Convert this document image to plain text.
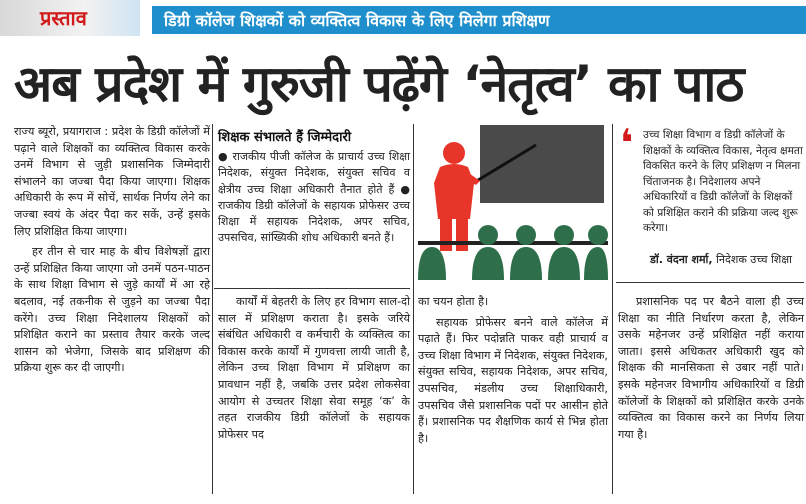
प्रस्ताव	डिग्री कॉलेज शिक्षकों को व्यक्तित्व विकास के लिए मिलेगा प्रशिक्षण
अब प्रदेश में गुरुजी पढ़ेंगे ‘नेतृत्व’ का पाठ

राज्य ब्यूरो, प्रयागराज : प्रदेश के डिग्री कॉलेजों में पढ़ाने वाले शिक्षकों का व्यक्तित्व विकास करके उनमें विभाग से जुड़ी प्रशासनिक जिम्मेदारी संभालने का जज्बा पैदा किया जाएगा। शिक्षक अधिकारी के रूप में सोचें, सार्थक निर्णय लेने का जज्बा स्वयं के अंदर पैदा कर सकें, उन्हें इसके लिए प्रशिक्षित किया जाएगा।

हर तीन से चार माह के बीच विशेषज्ञों द्वारा उन्हें प्रशिक्षित किया जाएगा जो उनमें पठन-पाठन के साथ शिक्षा विभाग से जुड़े कार्यों में आ रहे बदलाव, नई तकनीक से जुड़ने का जज्बा पैदा करेंगे। उच्च शिक्षा निदेशालय शिक्षकों को प्रशिक्षित कराने का प्रस्ताव तैयार करके जल्द शासन को भेजेगा, जिसके बाद प्रशिक्षण की प्रक्रिया शुरू कर दी जाएगी।

शिक्षक संभालते हैं जिम्मेदारी
● राजकीय पीजी कॉलेज के प्राचार्य उच्च शिक्षा निदेशक, संयुक्त निदेशक, संयुक्त सचिव व क्षेत्रीय उच्च शिक्षा अधिकारी तैनात होते हैं ● राजकीय डिग्री कॉलेजों के सहायक प्रोफेसर उच्च शिक्षा में सहायक निदेशक, अपर सचिव, उपसचिव, सांख्यिकी शोध अधिकारी बनते हैं।
कार्यों में बेहतरी के लिए हर विभाग साल-दो साल में प्रशिक्षण कराता है। इसके जरिये संबंधित अधिकारी व कर्मचारी के व्यक्तित्व का विकास करके कार्यों में गुणवत्ता लायी जाती है, लेकिन उच्च शिक्षा विभाग में प्रशिक्षण का प्रावधान नहीं है, जबकि उत्तर प्रदेश लोकसेवा आयोग से उच्चतर शिक्षा सेवा समूह ‘क’ के तहत राजकीय डिग्री कॉलेजों के सहायक प्रोफेसर पद
❛ उच्च शिक्षा विभाग व डिग्री कॉलेजों के शिक्षकों के व्यक्तित्व विकास, नेतृत्व क्षमता विकसित करने के लिए प्रशिक्षण न मिलना चिंताजनक है। निदेशालय अपने अधिकारियों व डिग्री कॉलेजों के शिक्षकों को प्रशिक्षित कराने की प्रक्रिया जल्द शुरू करेगा।
डॉ. वंदना शर्मा, निदेशक उच्च शिक्षा

का चयन होता है।

सहायक प्रोफेसर बनने वाले कॉलेज में पढ़ाते हैं। फिर पदोन्नति पाकर वही प्राचार्य व उच्च शिक्षा विभाग में निदेशक, संयुक्त निदेशक, संयुक्त सचिव, सहायक निदेशक, अपर सचिव, उपसचिव, मंडलीय उच्च शिक्षाधिकारी, उपसचिव जैसे प्रशासनिक पदों पर आसीन होते हैं। प्रशासनिक पद शैक्षणिक कार्य से भिन्न होता है।

प्रशासनिक पद पर बैठने वाला ही उच्च शिक्षा का नीति निर्धारण करता है, लेकिन उसके महेनजर उन्हें प्रशिक्षित नहीं कराया जाता। इससे अधिकतर अधिकारी खुद को शिक्षक की मानसिकता से उबार नहीं पाते। इसके महेनजर विभागीय अधिकारियों व डिग्री कॉलेजों के शिक्षकों को प्रशिक्षित करके उनके व्यक्तित्व का विकास करने का निर्णय लिया गया है।
